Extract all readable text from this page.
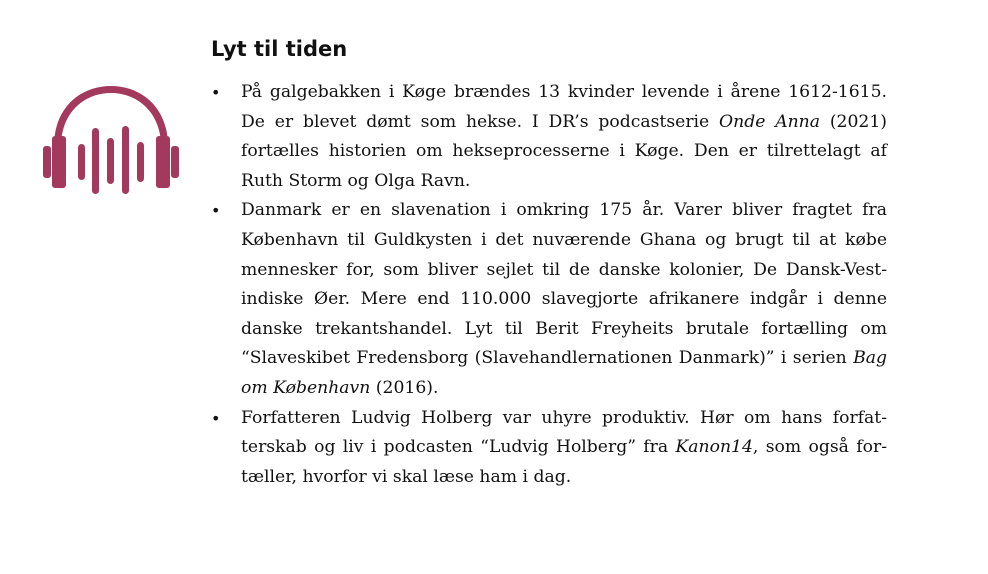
Lyt til tiden
• På galgebakken i Køge brændes 13 kvinder levende i årene 1612-1615. De er blevet dømt som hekse. I DR’s podcastserie Onde Anna (2021) fortælles historien om hekseprocesserne i Køge. Den er tilrettelagt af Ruth Storm og Olga Ravn.
• Danmark er en slavenation i omkring 175 år. Varer bliver fragtet fra København til Guldkysten i det nuværende Ghana og brugt til at købe mennesker for, som bliver sejlet til de danske kolonier, De Dansk-Vestindiske Øer. Mere end 110.000 slavegjorte afrikanere indgår i denne danske trekantshandel. Lyt til Berit Freyheits brutale fortælling om “Slaveskibet Fredensborg (Slavehandlernationen Danmark)” i serien Bag om København (2016).
• Forfatteren Ludvig Holberg var uhyre produktiv. Hør om hans forfatterskab og liv i podcasten “Ludvig Holberg” fra Kanon14, som også fortæller, hvorfor vi skal læse ham i dag.
